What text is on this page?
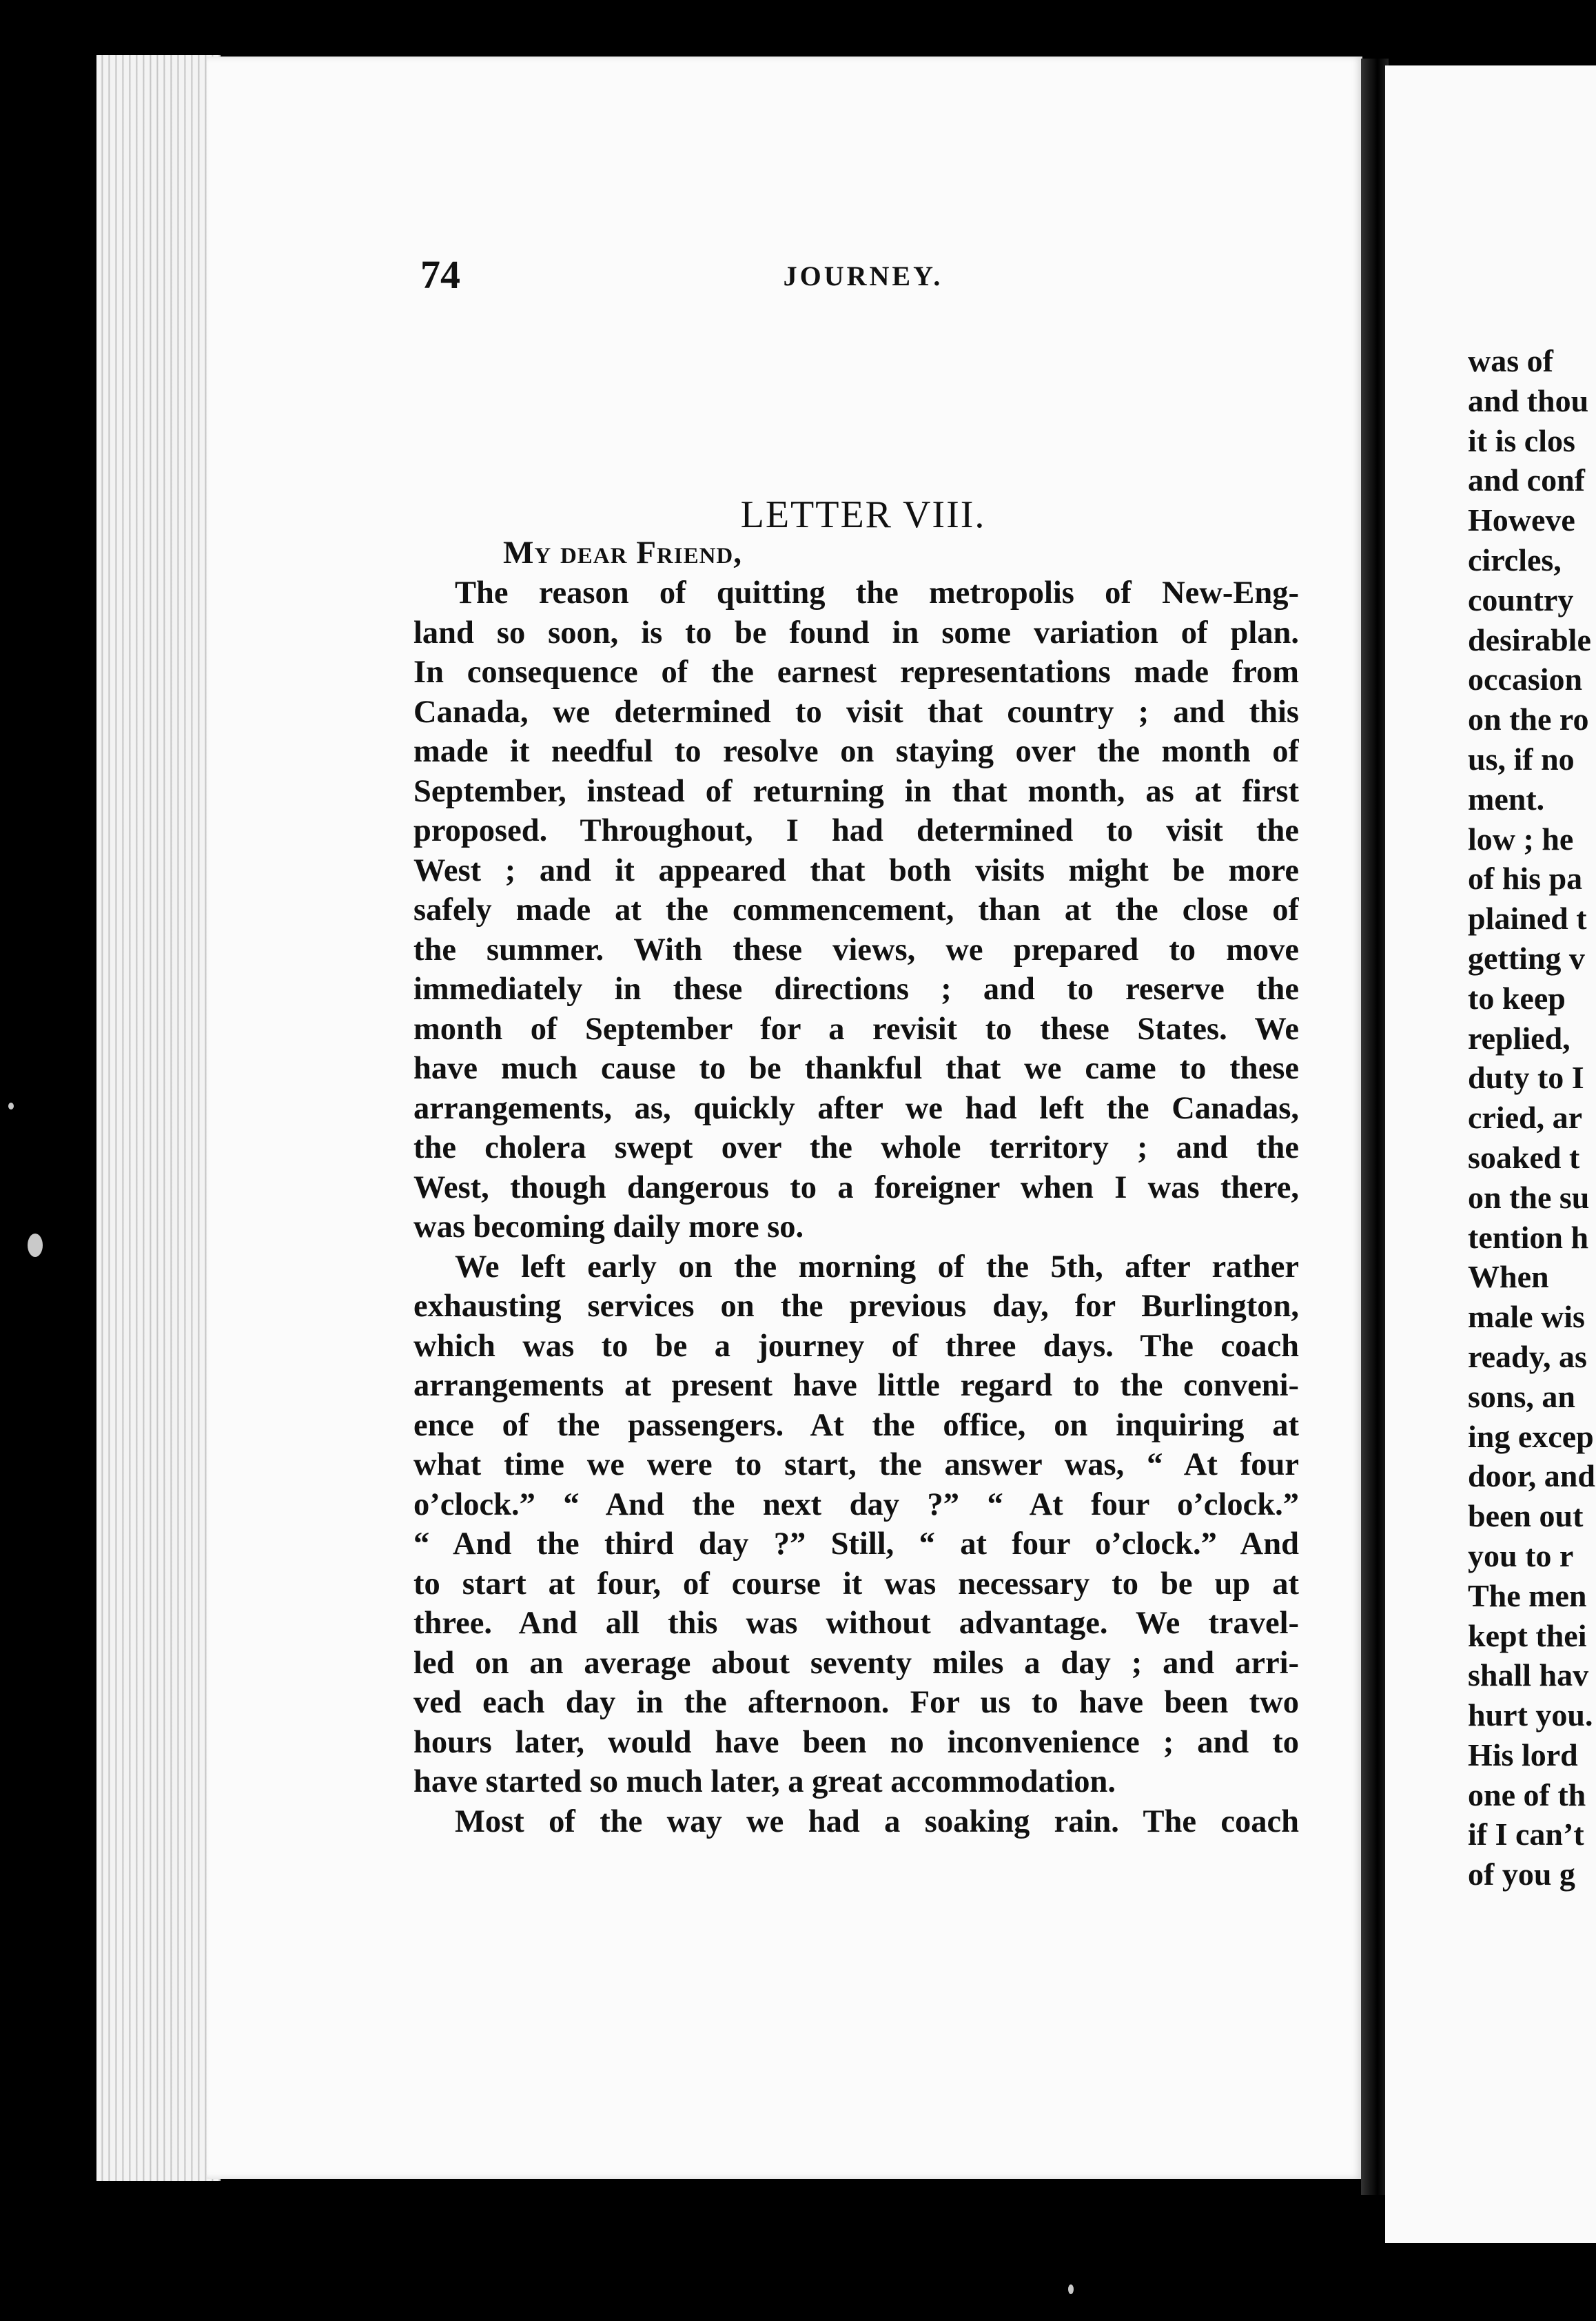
was of
and thou
it is clos
and conf
Howeve
circles,
country
desirable
occasion
on the ro
us, if no
ment.
low ; he
of his pa
plained t
getting v
to keep
replied,
duty to I
cried, ar
soaked t
on the su
tention h
When
male wis
ready, as
sons, an
ing excep
door, and
been out
you to r
The men
kept thei
shall hav
hurt you.
His lord
one of th
if I can’t
of you g
74	JOURNEY.
LETTER VIII.
My dear Friend,
The reason of quitting the metropolis of New-Eng-
land so soon, is to be found in some variation of plan.
In consequence of the earnest representations made from
Canada, we determined to visit that country ; and this
made it needful to resolve on staying over the month of
September, instead of returning in that month, as at first
proposed. Throughout, I had determined to visit the
West ; and it appeared that both visits might be more
safely made at the commencement, than at the close of
the summer. With these views, we prepared to move
immediately in these directions ; and to reserve the
month of September for a revisit to these States. We
have much cause to be thankful that we came to these
arrangements, as, quickly after we had left the Canadas,
the cholera swept over the whole territory ; and the
West, though dangerous to a foreigner when I was there,
was becoming daily more so.
We left early on the morning of the 5th, after rather
exhausting services on the previous day, for Burlington,
which was to be a journey of three days. The coach
arrangements at present have little regard to the conveni-
ence of the passengers. At the office, on inquiring at
what time we were to start, the answer was, “ At four
o’clock.” “ And the next day ?” “ At four o’clock.”
“ And the third day ?” Still, “ at four o’clock.” And
to start at four, of course it was necessary to be up at
three. And all this was without advantage. We travel-
led on an average about seventy miles a day ; and arri-
ved each day in the afternoon. For us to have been two
hours later, would have been no inconvenience ; and to
have started so much later, a great accommodation.
Most of the way we had a soaking rain. The coach
